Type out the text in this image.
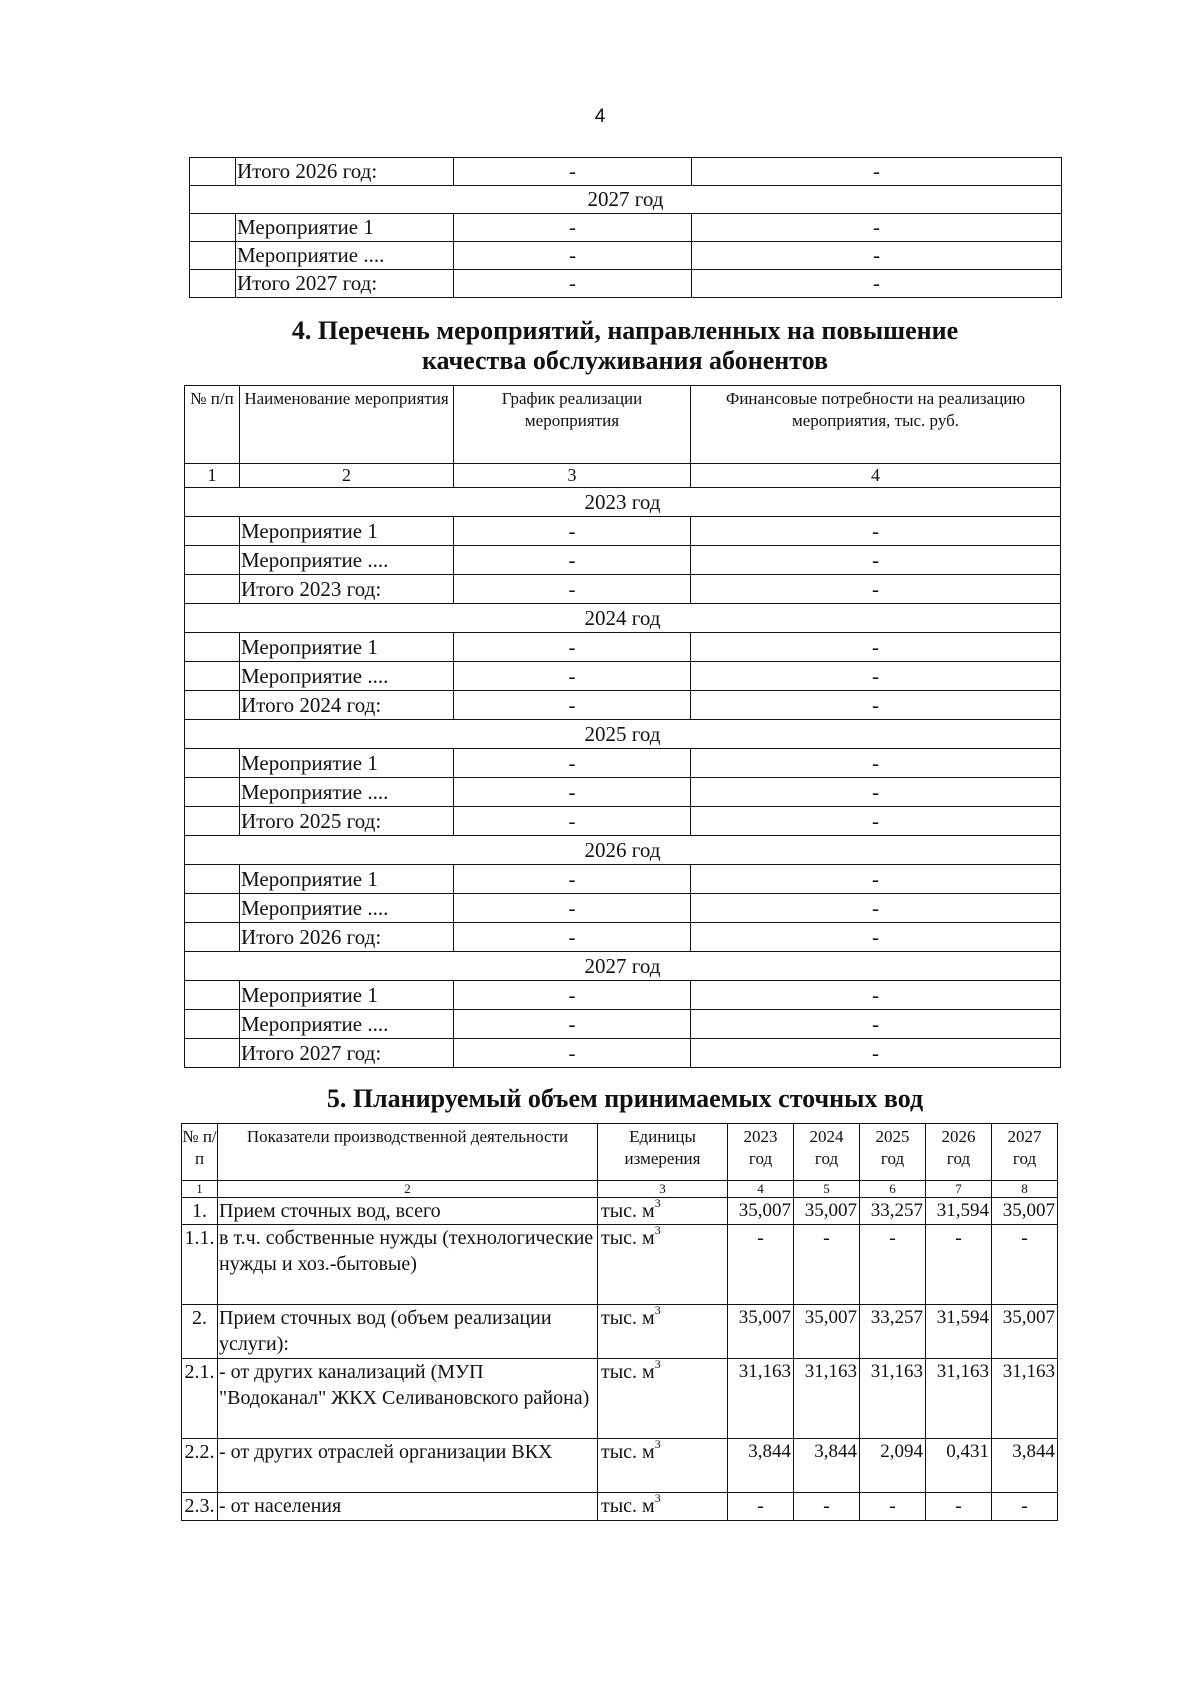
4
	Итого 2026 год:	-	-
2027 год			
	Мероприятие 1	-	-
	Мероприятие ....	-	-
	Итого 2027 год:	-	-
4. Перечень мероприятий, направленных на повышение
качества обслуживания абонентов
№ п/п	Наименование мероприятия	График реализации мероприятия	Финансовые потребности на реализацию мероприятия, тыс. руб.
1	2	3	4
2023 год			
	Мероприятие 1	-	-
	Мероприятие ....	-	-
	Итого 2023 год:	-	-
2024 год			
	Мероприятие 1	-	-
	Мероприятие ....	-	-
	Итого 2024 год:	-	-
2025 год			
	Мероприятие 1	-	-
	Мероприятие ....	-	-
	Итого 2025 год:	-	-
2026 год			
	Мероприятие 1	-	-
	Мероприятие ....	-	-
	Итого 2026 год:	-	-
2027 год			
	Мероприятие 1	-	-
	Мероприятие ....	-	-
	Итого 2027 год:	-	-
5. Планируемый объем принимаемых сточных вод
№ п/п	Показатели производственной деятельности	Единицы измерения	2023 год	2024 год	2025 год	2026 год	2027 год
1	2	3	4	5	6	7	8
1.	Прием сточных вод, всего	тыс. $м^3$	35,007	35,007	33,257	31,594	35,007
1.1.	в т.ч. собственные нужды (технологические нужды и хоз.-бытовые)	тыс. $м^3$	-	-	-	-	-
2.	Прием сточных вод (объем реализации услуги):	тыс. $м^3$	35,007	35,007	33,257	31,594	35,007
2.1.	- от других канализаций (МУП "Водоканал" ЖКХ Селивановского района)	тыс. $м^3$	31,163	31,163	31,163	31,163	31,163
2.2.	- от других отраслей организации ВКХ	тыс. $м^3$	3,844	3,844	2,094	0,431	3,844
2.3.	- от населения	тыс. $м^3$	-	-	-	-	-
